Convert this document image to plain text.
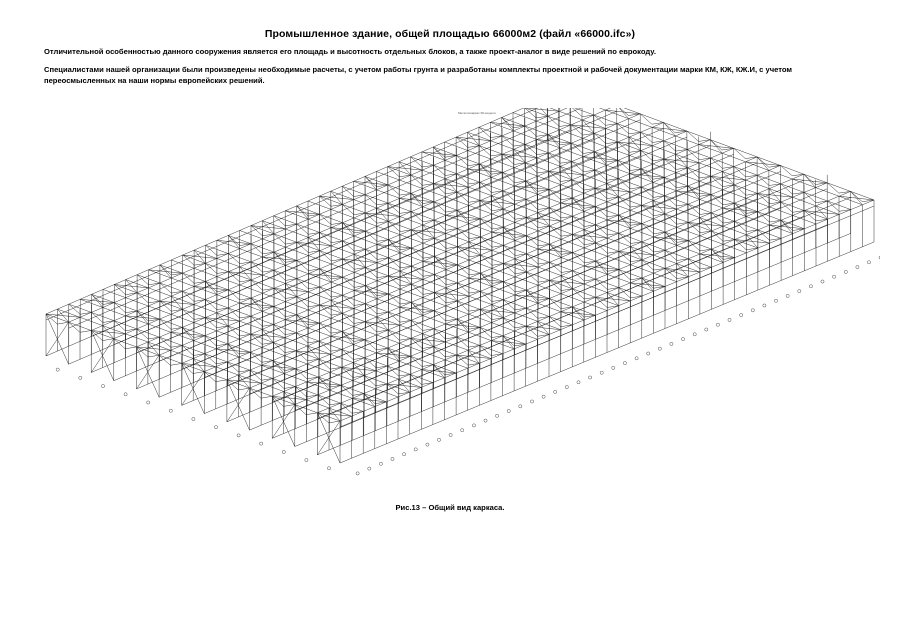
Промышленное здание, общей площадью 66000м2 (файл «66000.ifc»)
Отличительной особенностью данного сооружения является его площадь и высотность отдельных блоков, а также проект-аналог в виде решений по еврокоду.
Специалистами нашей организации были произведены необходимые расчеты, с учетом работы грунта и разработаны комплекты проектной и рабочей документации марки КМ, КЖ, КЖ.И, с учетом переосмысленных на наши нормы европейских решений.
Металлокаркас 3D-модели
Рис.13 – Общий вид каркаса.
